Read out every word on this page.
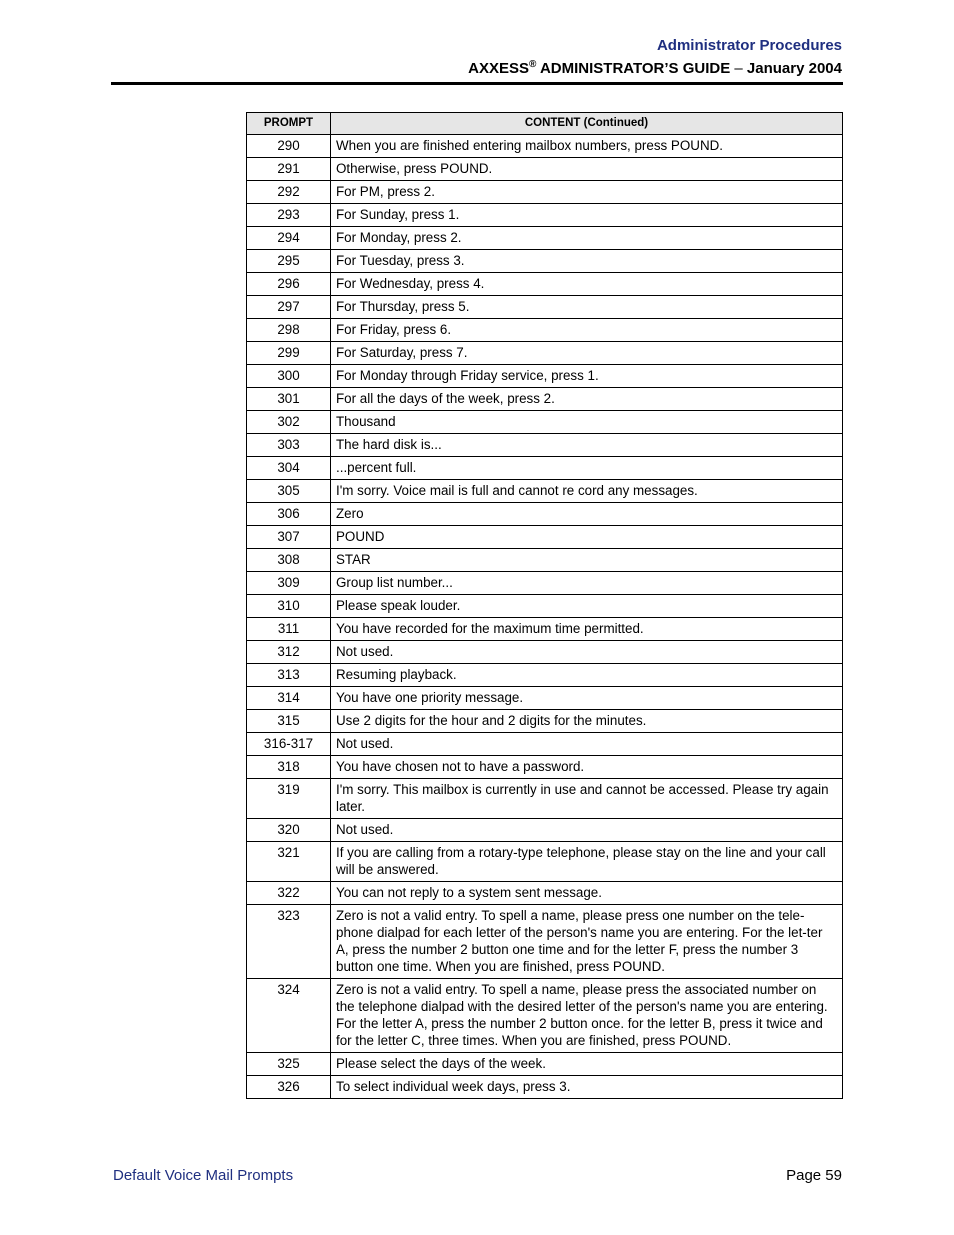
Administrator Procedures
AXXESS® ADMINISTRATOR’S GUIDE – January 2004
PROMPT	CONTENT (Continued)
290	When you are finished entering mailbox numbers, press POUND.
291	Otherwise, press POUND.
292	For PM, press 2.
293	For Sunday, press 1.
294	For Monday, press 2.
295	For Tuesday, press 3.
296	For Wednesday, press 4.
297	For Thursday, press 5.
298	For Friday, press 6.
299	For Saturday, press 7.
300	For Monday through Friday service, press 1.
301	For all the days of the week, press 2.
302	Thousand
303	The hard disk is...
304	...percent full.
305	I'm sorry. Voice mail is full and cannot re cord any messages.
306	Zero
307	POUND
308	STAR
309	Group list number...
310	Please speak louder.
311	You have recorded for the maximum time permitted.
312	Not used.
313	Resuming playback.
314	You have one priority message.
315	Use 2 digits for the hour and 2 digits for the minutes.
316-317	Not used.
318	You have chosen not to have a password.
319	I'm sorry. This mailbox is currently in use and cannot be accessed. Please try again later.
320	Not used.
321	If you are calling from a rotary-type telephone, please stay on the line and your call will be answered.
322	You can not reply to a system sent message.
323	Zero is not a valid entry. To spell a name, please press one number on the tele-phone dialpad for each letter of the person's name you are entering. For the let-ter A, press the number 2 button one time and for the letter F, press the number 3 button one time. When you are finished, press POUND.
324	Zero is not a valid entry. To spell a name, please press the associated number on the telephone dialpad with the desired letter of the person's name you are entering. For the letter A, press the number 2 button once. for the letter B, press it twice and for the letter C, three times. When you are finished, press POUND.
325	Please select the days of the week.
326	To select individual week days, press 3.
Default Voice Mail Prompts	Page 59
